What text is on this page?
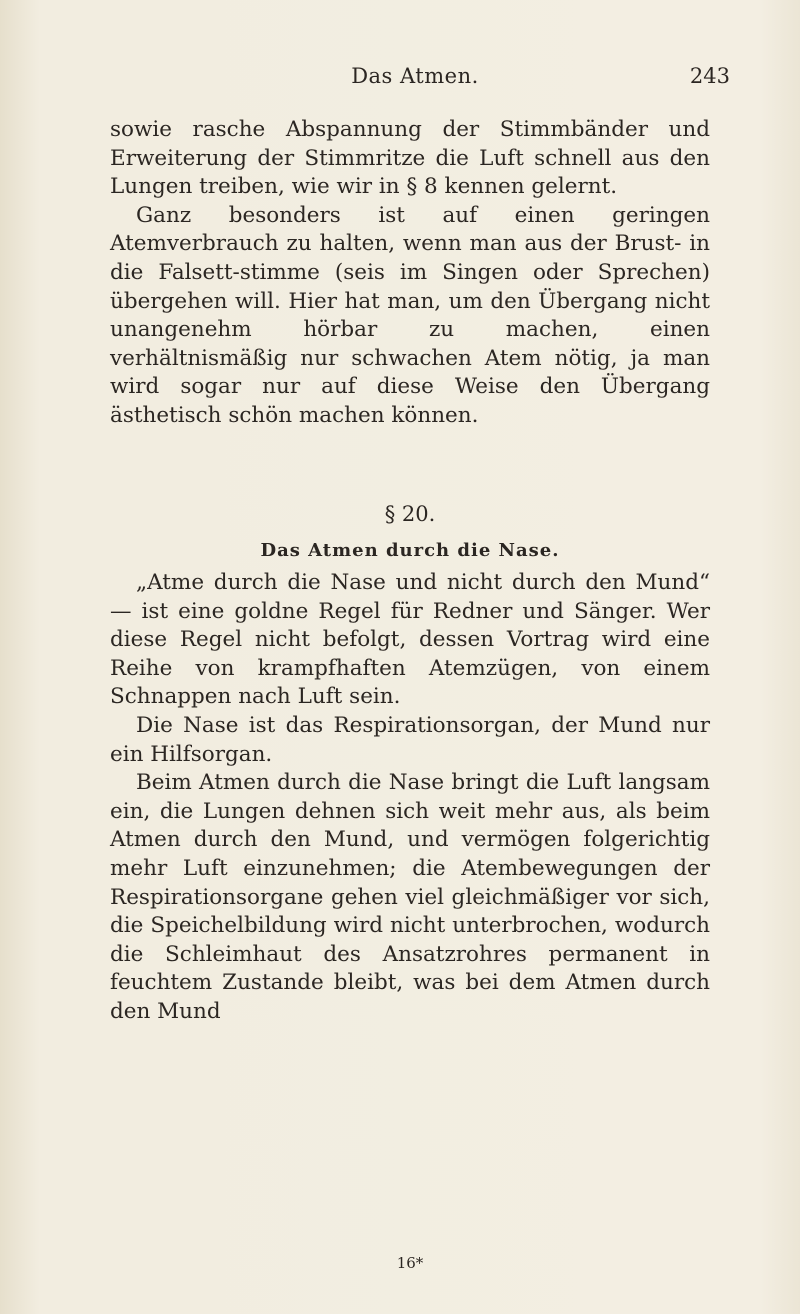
Das Atmen.	243

sowie rasche Abspannung der Stimmbänder und Erweiterung der Stimmritze die Luft schnell aus den Lungen treiben, wie wir in § 8 kennen gelernt.

Ganz besonders ist auf einen geringen Atemverbrauch zu halten, wenn man aus der Brust- in die Falsett-stimme (seis im Singen oder Sprechen) übergehen will. Hier hat man, um den Übergang nicht unangenehm hörbar zu machen, einen verhältnismäßig nur schwachen Atem nötig, ja man wird sogar nur auf diese Weise den Übergang ästhetisch schön machen können.

§ 20.
Das Atmen durch die Nase.

„Atme durch die Nase und nicht durch den Mund“ — ist eine goldne Regel für Redner und Sänger. Wer diese Regel nicht befolgt, dessen Vortrag wird eine Reihe von krampfhaften Atemzügen, von einem Schnappen nach Luft sein.

Die Nase ist das Respirationsorgan, der Mund nur ein Hilfsorgan.

Beim Atmen durch die Nase bringt die Luft langsam ein, die Lungen dehnen sich weit mehr aus, als beim Atmen durch den Mund, und vermögen folgerichtig mehr Luft einzunehmen; die Atembewegungen der Respirationsorgane gehen viel gleichmäßiger vor sich, die Speichelbildung wird nicht unterbrochen, wodurch die Schleimhaut des Ansatzrohres permanent in feuchtem Zustande bleibt, was bei dem Atmen durch den Mund

16*
